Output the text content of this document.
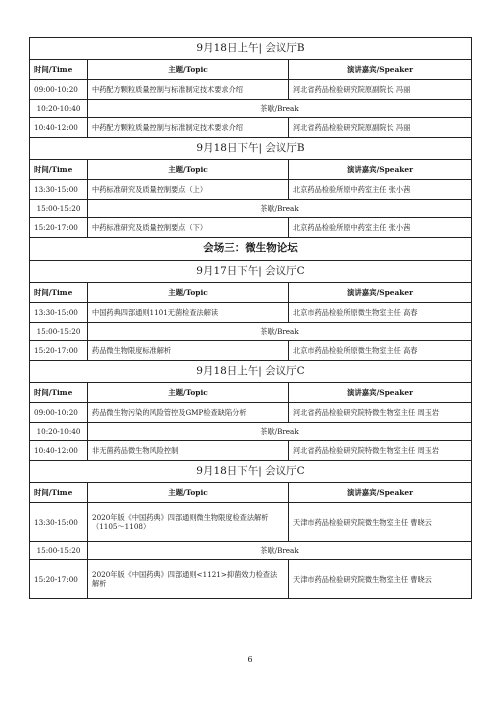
9月18日上午| 会议厅B		
时间/Time	主题/Topic	演讲嘉宾/Speaker
09:00-10:20	中药配方颗粒质量控制与标准制定技术要求介绍	河北省药品检验研究院原副院长 冯丽
10:20-10:40	茶歇/Break	
10:40-12:00	中药配方颗粒质量控制与标准制定技术要求介绍	河北省药品检验研究院原副院长 冯丽
9月18日下午| 会议厅B		
时间/Time	主题/Topic	演讲嘉宾/Speaker
13:30-15:00	中药标准研究及质量控制要点（上）	北京药品检验所原中药室主任 张小茜
15:00-15:20	茶歇/Break	
15:20-17:00	中药标准研究及质量控制要点（下）	北京药品检验所原中药室主任 张小茜
会场三：微生物论坛		
9月17日下午| 会议厅C		
时间/Time	主题/Topic	演讲嘉宾/Speaker
13:30-15:00	中国药典四部通则1101无菌检查法解读	北京市药品检验所原微生物室主任 高春
15:00-15:20	茶歇/Break	
15:20-17:00	药品微生物限度标准解析	北京市药品检验所原微生物室主任 高春
9月18日上午| 会议厅C		
时间/Time	主题/Topic	演讲嘉宾/Speaker
09:00-10:20	药品微生物污染的风险管控及GMP检查缺陷分析	河北省药品检验研究院特微生物室主任 周玉岩
10:20-10:40	茶歇/Break	
10:40-12:00	非无菌药品微生物风险控制	河北省药品检验研究院特微生物室主任 周玉岩
9月18日下午| 会议厅C		
时间/Time	主题/Topic	演讲嘉宾/Speaker
13:30-15:00	2020年版《中国药典》四部通则微生物限度检查法解析（1105～1108）	天津市药品检验研究院微生物室主任 曹晓云
15:00-15:20	茶歇/Break	
15:20-17:00	2020年版《中国药典》四部通则<1121>抑菌效力检查法解析	天津市药品检验研究院微生物室主任 曹晓云
6
